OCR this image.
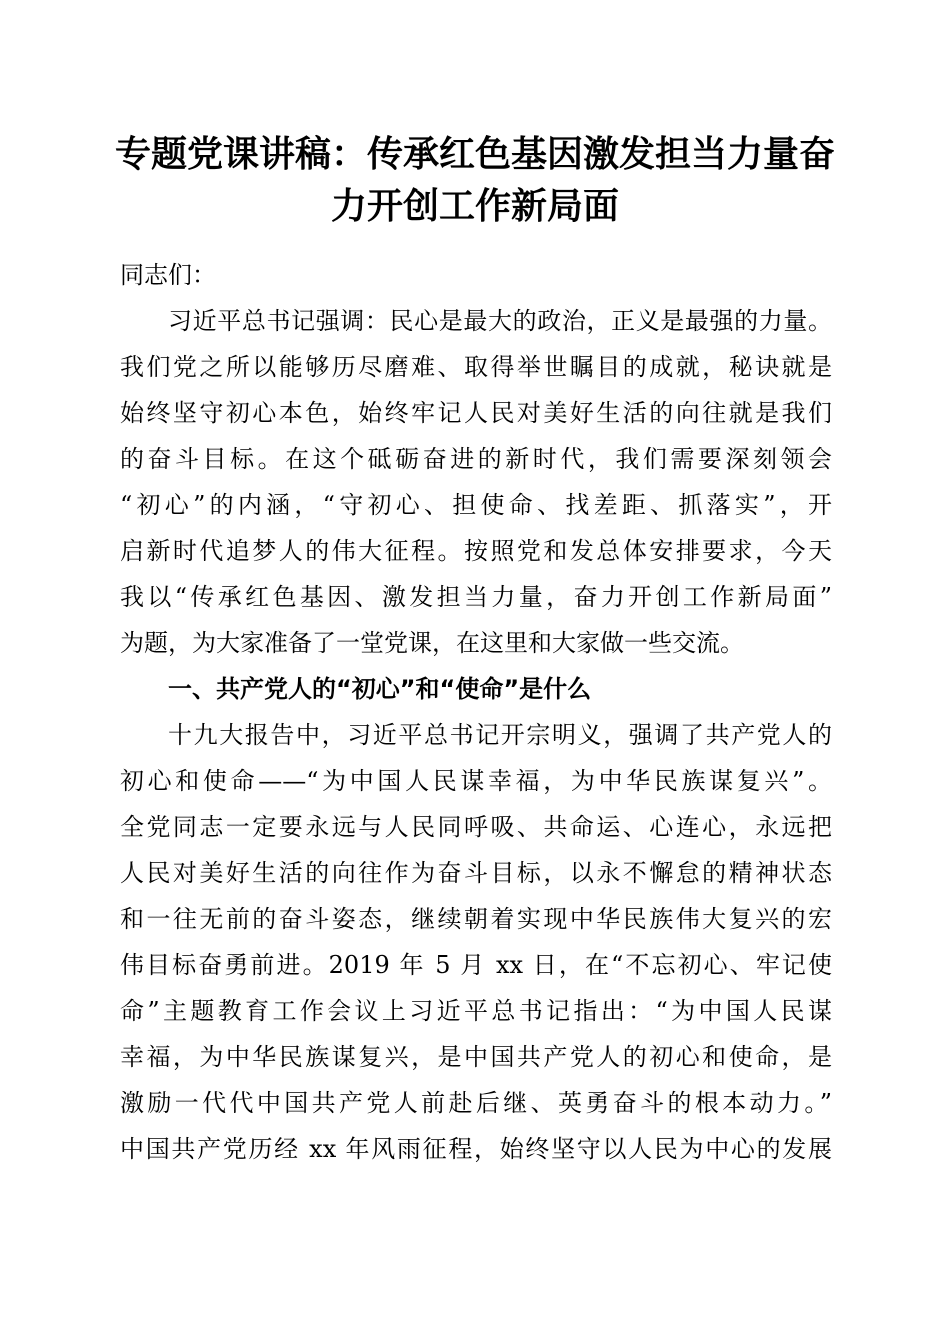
专题党课讲稿：传承红色基因激发担当力量奋
力开创工作新局面
同志们：
习近平总书记强调：民心是最大的政治，正义是最强的力量。
我们党之所以能够历尽磨难、取得举世瞩目的成就，秘诀就是
始终坚守初心本色，始终牢记人民对美好生活的向往就是我们
的奋斗目标。在这个砥砺奋进的新时代，我们需要深刻领会
“初心”的内涵，“守初心、担使命、找差距、抓落实”，开
启新时代追梦人的伟大征程。按照党和发总体安排要求，今天
我以“传承红色基因、激发担当力量，奋力开创工作新局面”
为题，为大家准备了一堂党课，在这里和大家做一些交流。
一、共产党人的“初心”和“使命”是什么
十九大报告中，习近平总书记开宗明义，强调了共产党人的
初心和使命——“为中国人民谋幸福，为中华民族谋复兴”。
全党同志一定要永远与人民同呼吸、共命运、心连心，永远把
人民对美好生活的向往作为奋斗目标，以永不懈怠的精神状态
和一往无前的奋斗姿态，继续朝着实现中华民族伟大复兴的宏
伟目标奋勇前进。2019 年 5 月 xx 日，在“不忘初心、牢记使
命”主题教育工作会议上习近平总书记指出：“为中国人民谋
幸福，为中华民族谋复兴，是中国共产党人的初心和使命，是
激励一代代中国共产党人前赴后继、英勇奋斗的根本动力。”
中国共产党历经 xx 年风雨征程，始终坚守以人民为中心的发展
